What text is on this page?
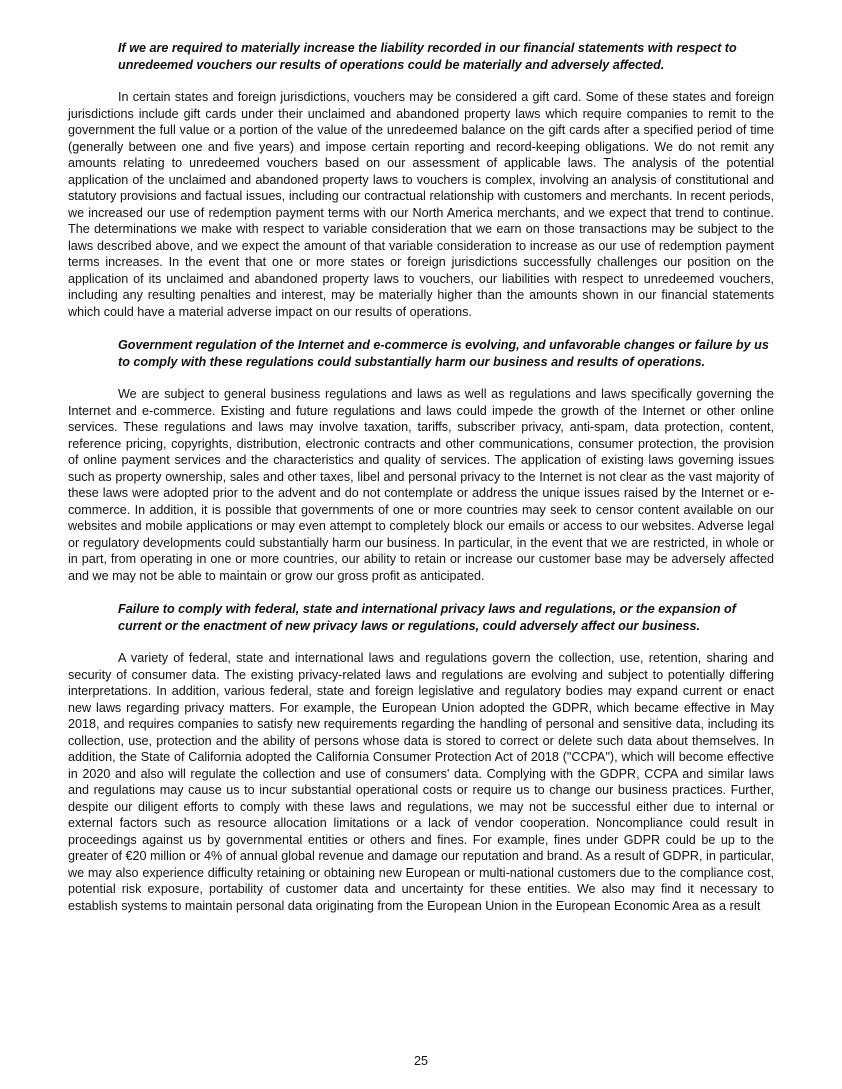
If we are required to materially increase the liability recorded in our financial statements with respect to unredeemed vouchers our results of operations could be materially and adversely affected.

In certain states and foreign jurisdictions, vouchers may be considered a gift card. Some of these states and foreign jurisdictions include gift cards under their unclaimed and abandoned property laws which require companies to remit to the government the full value or a portion of the value of the unredeemed balance on the gift cards after a specified period of time (generally between one and five years) and impose certain reporting and record-keeping obligations. We do not remit any amounts relating to unredeemed vouchers based on our assessment of applicable laws. The analysis of the potential application of the unclaimed and abandoned property laws to vouchers is complex, involving an analysis of constitutional and statutory provisions and factual issues, including our contractual relationship with customers and merchants. In recent periods, we increased our use of redemption payment terms with our North America merchants, and we expect that trend to continue. The determinations we make with respect to variable consideration that we earn on those transactions may be subject to the laws described above, and we expect the amount of that variable consideration to increase as our use of redemption payment terms increases. In the event that one or more states or foreign jurisdictions successfully challenges our position on the application of its unclaimed and abandoned property laws to vouchers, our liabilities with respect to unredeemed vouchers, including any resulting penalties and interest, may be materially higher than the amounts shown in our financial statements which could have a material adverse impact on our results of operations.

Government regulation of the Internet and e-commerce is evolving, and unfavorable changes or failure by us to comply with these regulations could substantially harm our business and results of operations.

We are subject to general business regulations and laws as well as regulations and laws specifically governing the Internet and e-commerce. Existing and future regulations and laws could impede the growth of the Internet or other online services. These regulations and laws may involve taxation, tariffs, subscriber privacy, anti-spam, data protection, content, reference pricing, copyrights, distribution, electronic contracts and other communications, consumer protection, the provision of online payment services and the characteristics and quality of services. The application of existing laws governing issues such as property ownership, sales and other taxes, libel and personal privacy to the Internet is not clear as the vast majority of these laws were adopted prior to the advent and do not contemplate or address the unique issues raised by the Internet or e-commerce. In addition, it is possible that governments of one or more countries may seek to censor content available on our websites and mobile applications or may even attempt to completely block our emails or access to our websites. Adverse legal or regulatory developments could substantially harm our business. In particular, in the event that we are restricted, in whole or in part, from operating in one or more countries, our ability to retain or increase our customer base may be adversely affected and we may not be able to maintain or grow our gross profit as anticipated.

Failure to comply with federal, state and international privacy laws and regulations, or the expansion of current or the enactment of new privacy laws or regulations, could adversely affect our business.

A variety of federal, state and international laws and regulations govern the collection, use, retention, sharing and security of consumer data. The existing privacy-related laws and regulations are evolving and subject to potentially differing interpretations. In addition, various federal, state and foreign legislative and regulatory bodies may expand current or enact new laws regarding privacy matters. For example, the European Union adopted the GDPR, which became effective in May 2018, and requires companies to satisfy new requirements regarding the handling of personal and sensitive data, including its collection, use, protection and the ability of persons whose data is stored to correct or delete such data about themselves. In addition, the State of California adopted the California Consumer Protection Act of 2018 ("CCPA"), which will become effective in 2020 and also will regulate the collection and use of consumers' data. Complying with the GDPR, CCPA and similar laws and regulations may cause us to incur substantial operational costs or require us to change our business practices. Further, despite our diligent efforts to comply with these laws and regulations, we may not be successful either due to internal or external factors such as resource allocation limitations or a lack of vendor cooperation. Noncompliance could result in proceedings against us by governmental entities or others and fines. For example, fines under GDPR could be up to the greater of €20 million or 4% of annual global revenue and damage our reputation and brand. As a result of GDPR, in particular, we may also experience difficulty retaining or obtaining new European or multi-national customers due to the compliance cost, potential risk exposure, portability of customer data and uncertainty for these entities. We also may find it necessary to establish systems to maintain personal data originating from the European Union in the European Economic Area as a result

25
